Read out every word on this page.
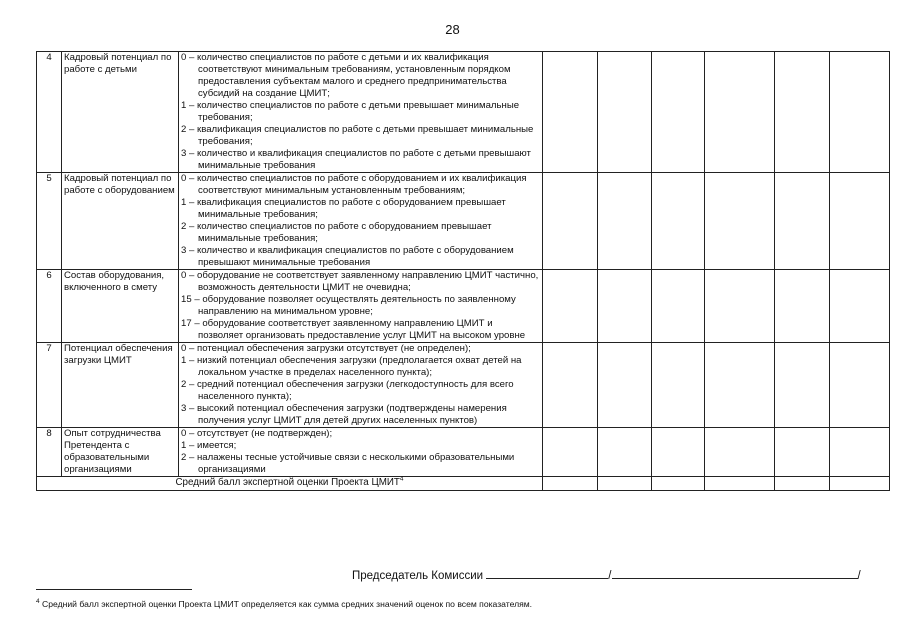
28
4	Кадровый потенциал по работе с детьми	0 – количество специалистов по работе с детьми и их квалификация соответствуют минимальным требованиям, установленным порядком предоставления субъектам малого и среднего предпринимательства субсидий на создание ЦМИТ;
1 – количество специалистов по работе с детьми превышает минимальные требования;
2 – квалификация специалистов по работе с детьми превышает минимальные требования;
3 – количество и квалификация специалистов по работе с детьми превышают минимальные требования						

5	Кадровый потенциал по работе с оборудованием	0 – количество специалистов по работе с оборудованием и их квалификация соответствуют минимальным установленным требованиям;
1 – квалификация специалистов по работе с оборудованием превышает минимальные требования;
2 – количество специалистов по работе с оборудованием превышает минимальные требования;
3 – количество и квалификация специалистов по работе с оборудованием превышают минимальные требования						

6	Состав оборудования, включенного в смету	0 – оборудование не соответствует заявленному направлению ЦМИТ частично, возможность деятельности ЦМИТ не очевидна;
15 – оборудование позволяет осуществлять деятельность по заявленному направлению на минимальном уровне;
17 – оборудование соответствует заявленному направлению ЦМИТ и позволяет организовать предоставление услуг ЦМИТ на высоком уровне						

7	Потенциал обеспечения загрузки ЦМИТ	0 – потенциал обеспечения загрузки отсутствует (не определен);
1 – низкий потенциал обеспечения загрузки (предполагается охват детей на локальном участке в пределах населенного пункта);
2 – средний потенциал обеспечения загрузки (легкодоступность для всего населенного пункта);
3 – высокий потенциал обеспечения загрузки (подтверждены намерения получения услуг ЦМИТ для детей других населенных пунктов)						

8	Опыт сотрудничества Претендента с образовательными организациями	0 – отсутствует (не подтвержден);
1 – имеется;
2 – налажены тесные устойчивые связи с несколькими образовательными организациями						

Средний балл экспертной оценки Проекта ЦМИТ$^4$						
Председатель Комиссии	/	/
$^4$ Средний балл экспертной оценки Проекта ЦМИТ определяется как сумма средних значений оценок по всем показателям.
